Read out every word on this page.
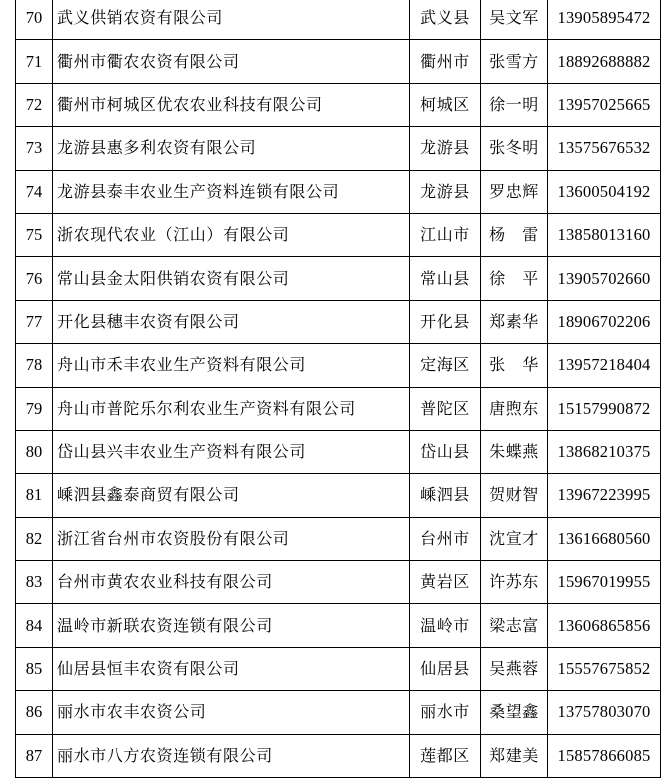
70	武义供销农资有限公司	武义县	吴文军	13905895472
71	衢州市衢农农资有限公司	衢州市	张雪方	18892688882
72	衢州市柯城区优农农业科技有限公司	柯城区	徐一明	13957025665
73	龙游县惠多利农资有限公司	龙游县	张冬明	13575676532
74	龙游县泰丰农业生产资料连锁有限公司	龙游县	罗忠辉	13600504192
75	浙农现代农业（江山）有限公司	江山市	杨　雷	13858013160
76	常山县金太阳供销农资有限公司	常山县	徐　平	13905702660
77	开化县穗丰农资有限公司	开化县	郑素华	18906702206
78	舟山市禾丰农业生产资料有限公司	定海区	张　华	13957218404
79	舟山市普陀乐尔利农业生产资料有限公司	普陀区	唐煦东	15157990872
80	岱山县兴丰农业生产资料有限公司	岱山县	朱蝶燕	13868210375
81	嵊泗县鑫泰商贸有限公司	嵊泗县	贺财智	13967223995
82	浙江省台州市农资股份有限公司	台州市	沈宣才	13616680560
83	台州市黄农农业科技有限公司	黄岩区	许苏东	15967019955
84	温岭市新联农资连锁有限公司	温岭市	梁志富	13606865856
85	仙居县恒丰农资有限公司	仙居县	吴燕蓉	15557675852
86	丽水市农丰农资公司	丽水市	桑望鑫	13757803070
87	丽水市八方农资连锁有限公司	莲都区	郑建美	15857866085
